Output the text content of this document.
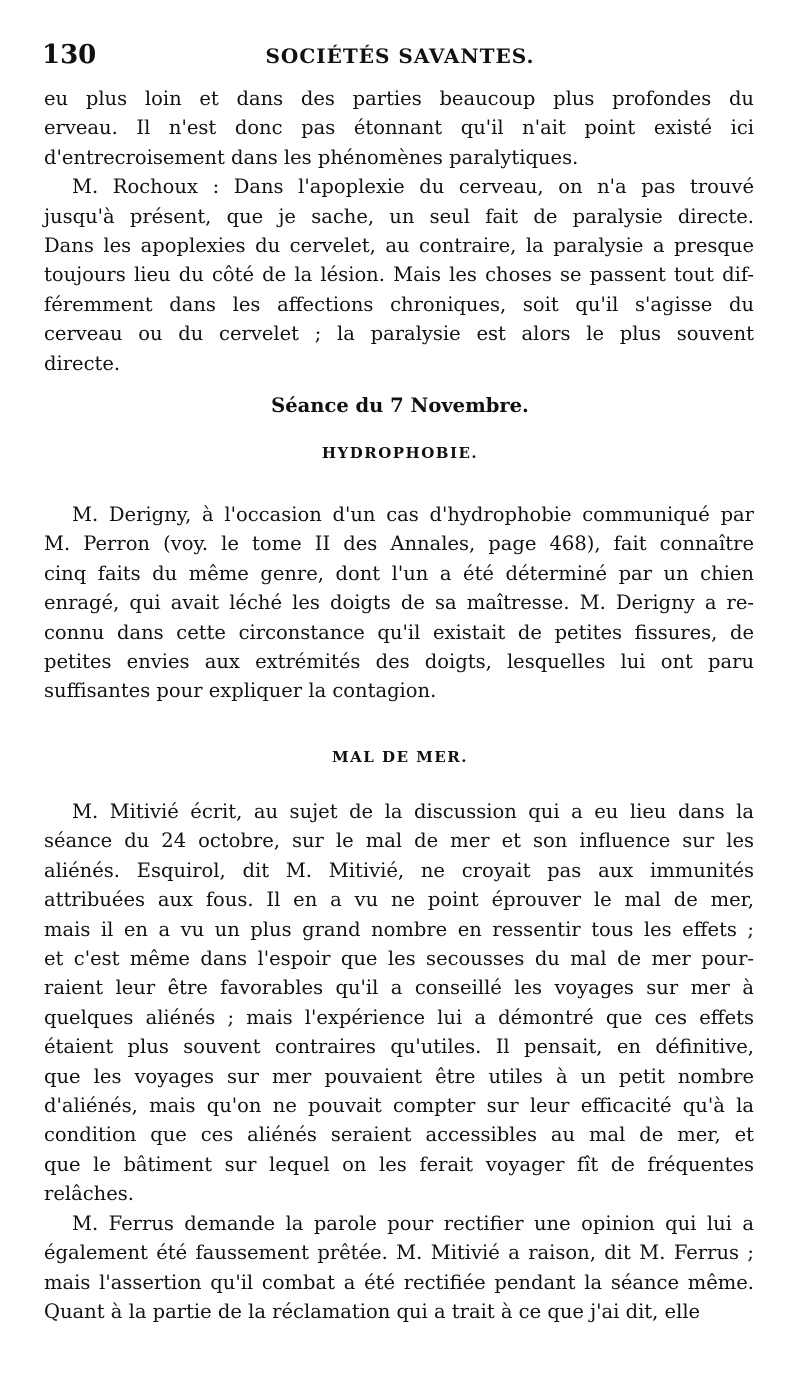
130	SOCIÉTÉS SAVANTES.
eu plus loin et dans des parties beaucoup plus profondes du
erveau. Il n'est donc pas étonnant qu'il n'ait point existé ici
d'entrecroisement dans les phénomènes paralytiques.
M. Rochoux : Dans l'apoplexie du cerveau, on n'a pas trouvé
jusqu'à présent, que je sache, un seul fait de paralysie directe.
Dans les apoplexies du cervelet, au contraire, la paralysie a presque
toujours lieu du côté de la lésion. Mais les choses se passent tout dif-
féremment dans les affections chroniques, soit qu'il s'agisse du
cerveau ou du cervelet ; la paralysie est alors le plus souvent
directe.
Séance du 7 Novembre.
HYDROPHOBIE.
M. Derigny, à l'occasion d'un cas d'hydrophobie communiqué par
M. Perron (voy. le tome II des Annales, page 468), fait connaître
cinq faits du même genre, dont l'un a été déterminé par un chien
enragé, qui avait léché les doigts de sa maîtresse. M. Derigny a re-
connu dans cette circonstance qu'il existait de petites fissures, de
petites envies aux extrémités des doigts, lesquelles lui ont paru
suffisantes pour expliquer la contagion.
MAL DE MER.
M. Mitivié écrit, au sujet de la discussion qui a eu lieu dans la
séance du 24 octobre, sur le mal de mer et son influence sur les
aliénés. Esquirol, dit M. Mitivié, ne croyait pas aux immunités
attribuées aux fous. Il en a vu ne point éprouver le mal de mer,
mais il en a vu un plus grand nombre en ressentir tous les effets ;
et c'est même dans l'espoir que les secousses du mal de mer pour-
raient leur être favorables qu'il a conseillé les voyages sur mer à
quelques aliénés ; mais l'expérience lui a démontré que ces effets
étaient plus souvent contraires qu'utiles. Il pensait, en définitive,
que les voyages sur mer pouvaient être utiles à un petit nombre
d'aliénés, mais qu'on ne pouvait compter sur leur efficacité qu'à la
condition que ces aliénés seraient accessibles au mal de mer, et
que le bâtiment sur lequel on les ferait voyager fît de fréquentes
relâches.
M. Ferrus demande la parole pour rectifier une opinion qui lui a
également été faussement prêtée. M. Mitivié a raison, dit M. Ferrus ;
mais l'assertion qu'il combat a été rectifiée pendant la séance même.
Quant à la partie de la réclamation qui a trait à ce que j'ai dit, elle
